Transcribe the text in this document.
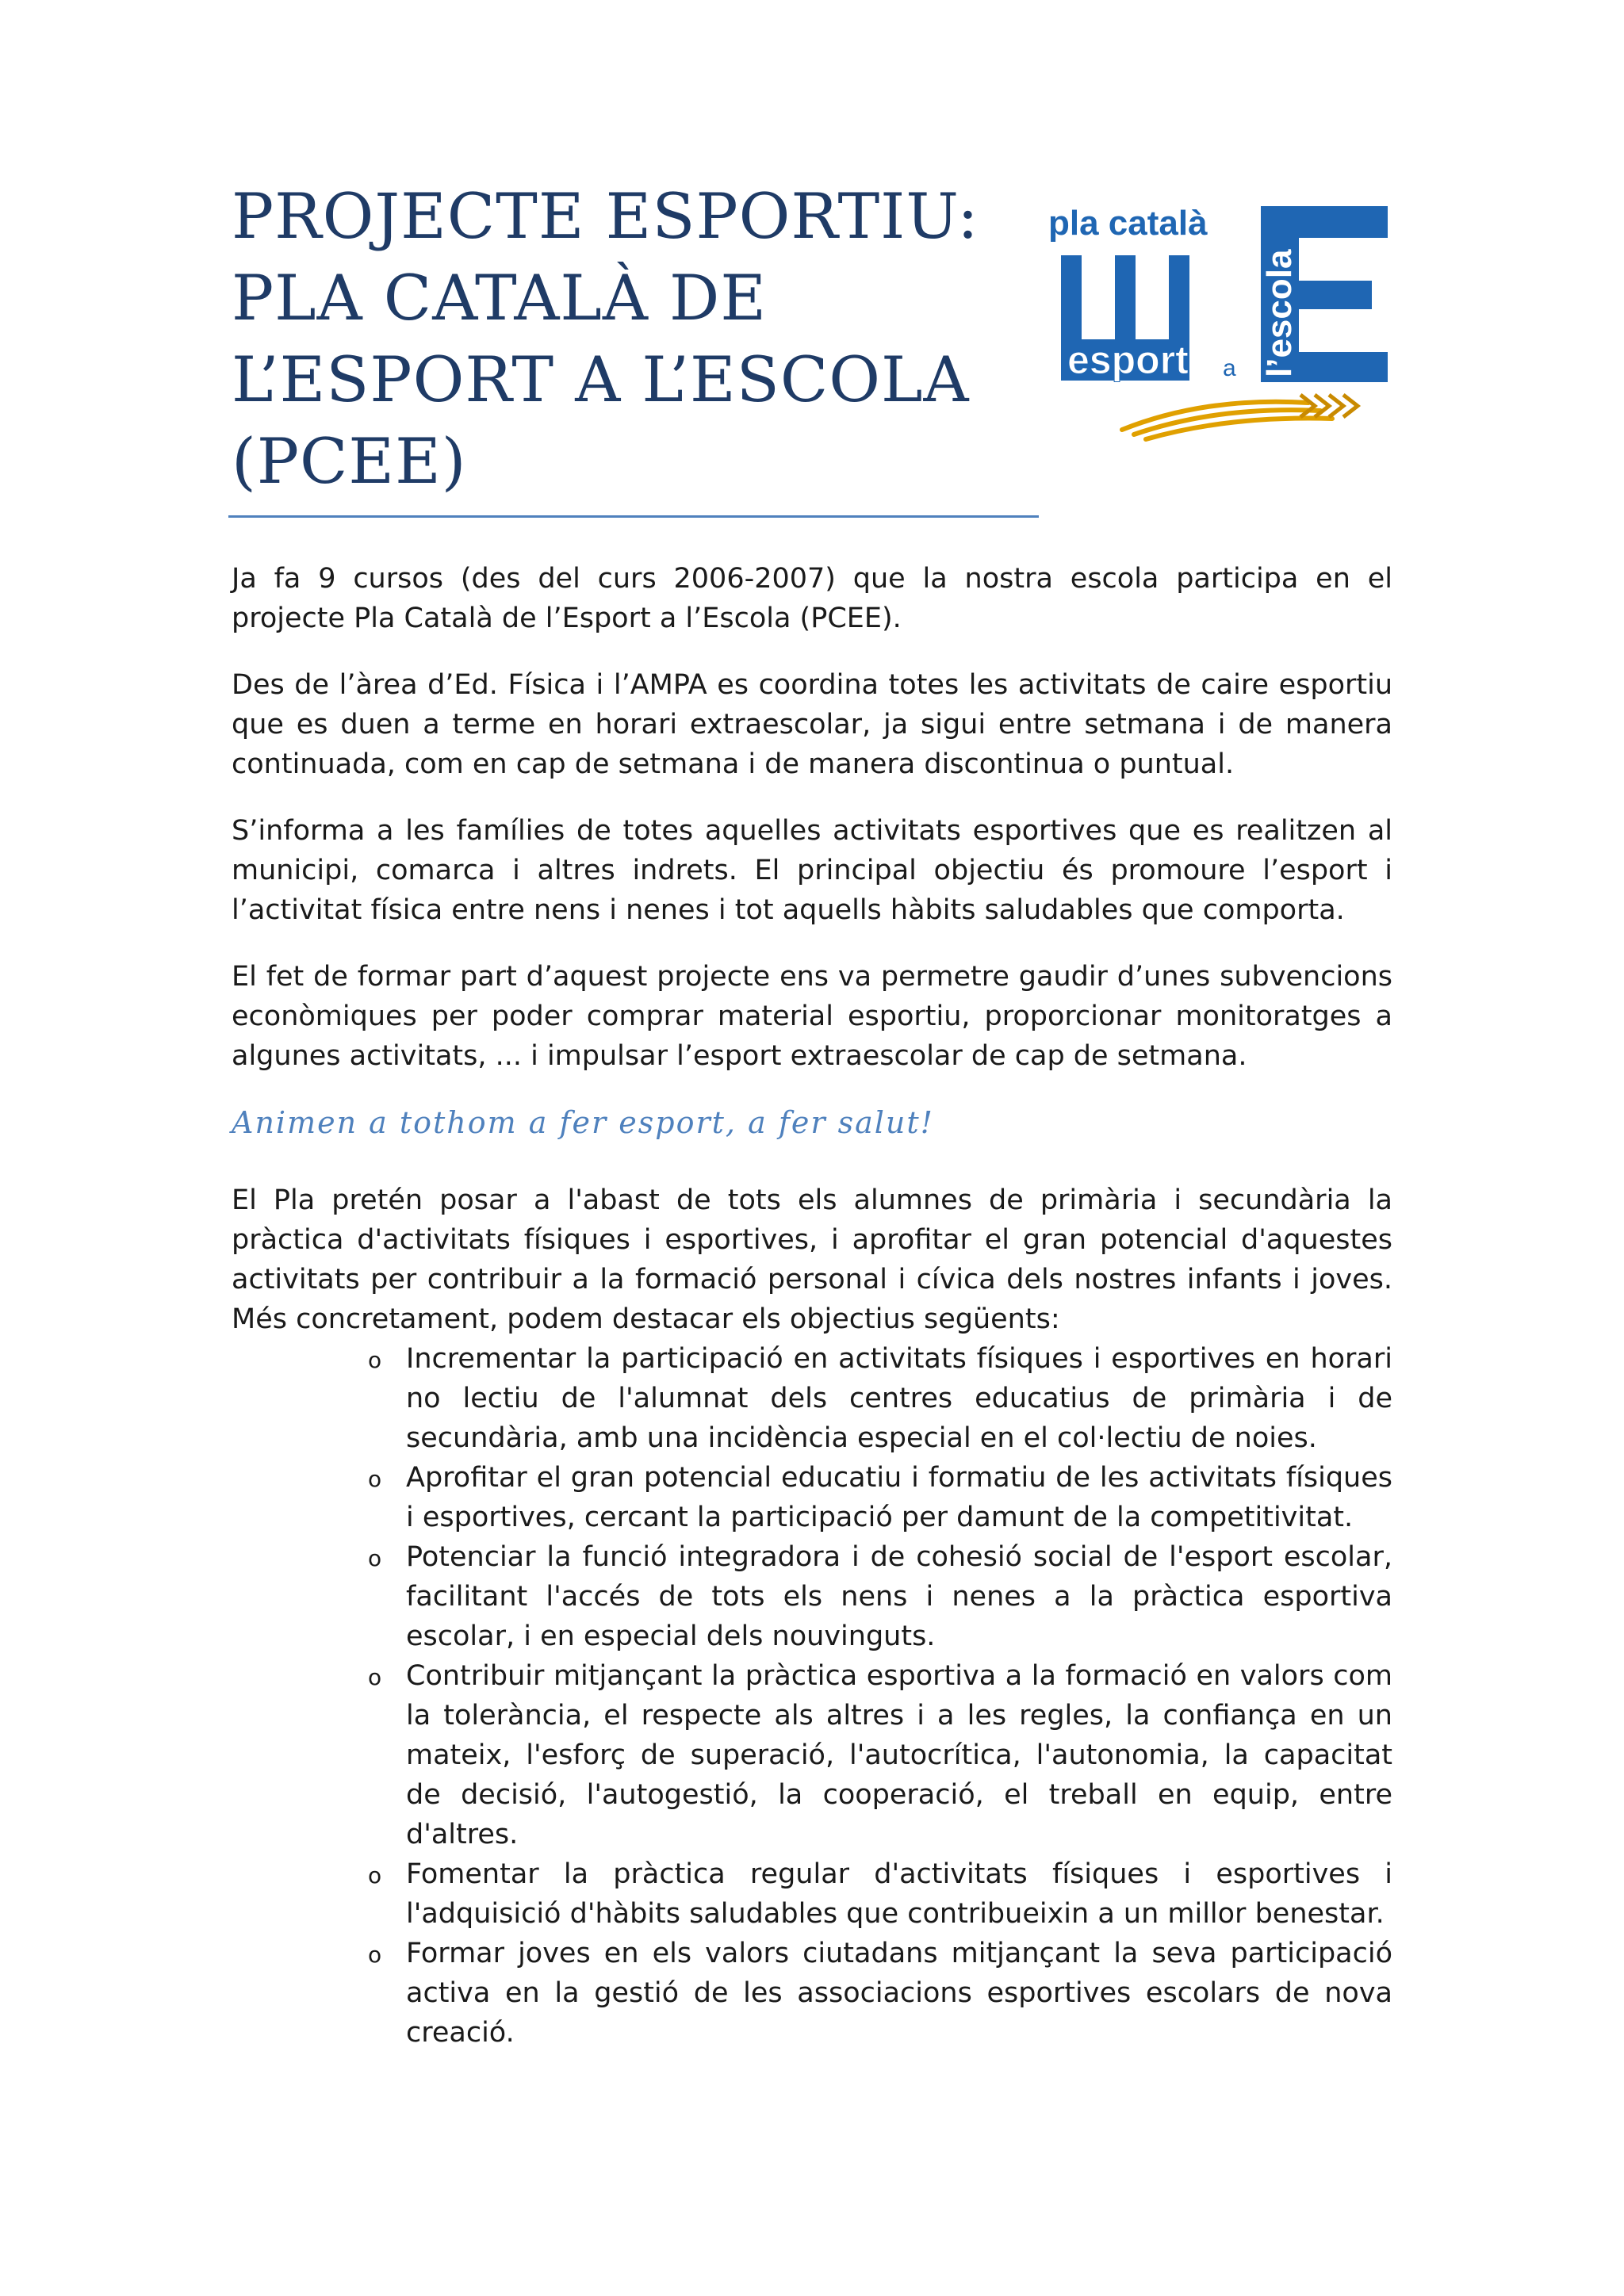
PROJECTE ESPORTIU:
PLA CATALÀ DE
L’ESPORT A L’ESCOLA
(PCEE)
pla català
esport a l’escola

Ja fa 9 cursos (des del curs 2006-2007) que la nostra escola participa en el projecte Pla Català de l’Esport a l’Escola (PCEE).

Des de l’àrea d’Ed. Física i l’AMPA es coordina totes les activitats de caire esportiu que es duen a terme en horari extraescolar, ja sigui entre setmana i de manera continuada, com en cap de setmana i de manera discontinua o puntual.

S’informa a les famílies de totes aquelles activitats esportives que es realitzen al municipi, comarca i altres indrets. El principal objectiu és promoure l’esport i l’activitat física entre nens i nenes i tot aquells hàbits saludables que comporta.

El fet de formar part d’aquest projecte ens va permetre gaudir d’unes subvencions econòmiques per poder comprar material esportiu, proporcionar monitoratges a algunes activitats, ... i impulsar l’esport extraescolar de cap de setmana.

Animen a tothom a fer esport, a fer salut!

El Pla pretén posar a l'abast de tots els alumnes de primària i secundària la pràctica d'activitats físiques i esportives, i aprofitar el gran potencial d'aquestes activitats per contribuir a la formació personal i cívica dels nostres infants i joves. Més concretament, podem destacar els objectius següents:

o Incrementar la participació en activitats físiques i esportives en horari no lectiu de l'alumnat dels centres educatius de primària i de secundària, amb una incidència especial en el col·lectiu de noies.
o Aprofitar el gran potencial educatiu i formatiu de les activitats físiques i esportives, cercant la participació per damunt de la competitivitat.
o Potenciar la funció integradora i de cohesió social de l'esport escolar, facilitant l'accés de tots els nens i nenes a la pràctica esportiva escolar, i en especial dels nouvinguts.
o Contribuir mitjançant la pràctica esportiva a la formació en valors com la tolerància, el respecte als altres i a les regles, la confiança en un mateix, l'esforç de superació, l'autocrítica, l'autonomia, la capacitat de decisió, l'autogestió, la cooperació, el treball en equip, entre d'altres.
o Fomentar la pràctica regular d'activitats físiques i esportives i l'adquisició d'hàbits saludables que contribueixin a un millor benestar.
o Formar joves en els valors ciutadans mitjançant la seva participació activa en la gestió de les associacions esportives escolars de nova creació.
